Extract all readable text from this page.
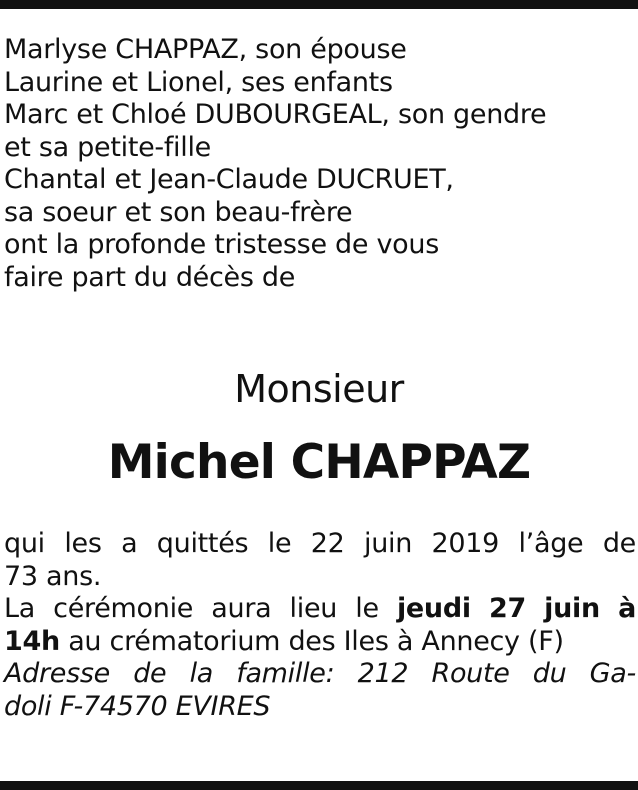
Marlyse CHAPPAZ, son épouse
Laurine et Lionel, ses enfants
Marc et Chloé DUBOURGEAL, son gendre
et sa petite-fille
Chantal et Jean-Claude DUCRUET,
sa soeur et son beau-frère
ont la profonde tristesse de vous
faire part du décès de
Monsieur
Michel CHAPPAZ
qui les a quittés le 22 juin 2019 l’âge de
73 ans.
La cérémonie aura lieu le jeudi 27 juin à
14h au crématorium des Iles à Annecy (F)
Adresse de la famille: 212 Route du Ga-
doli F-74570 EVIRES
